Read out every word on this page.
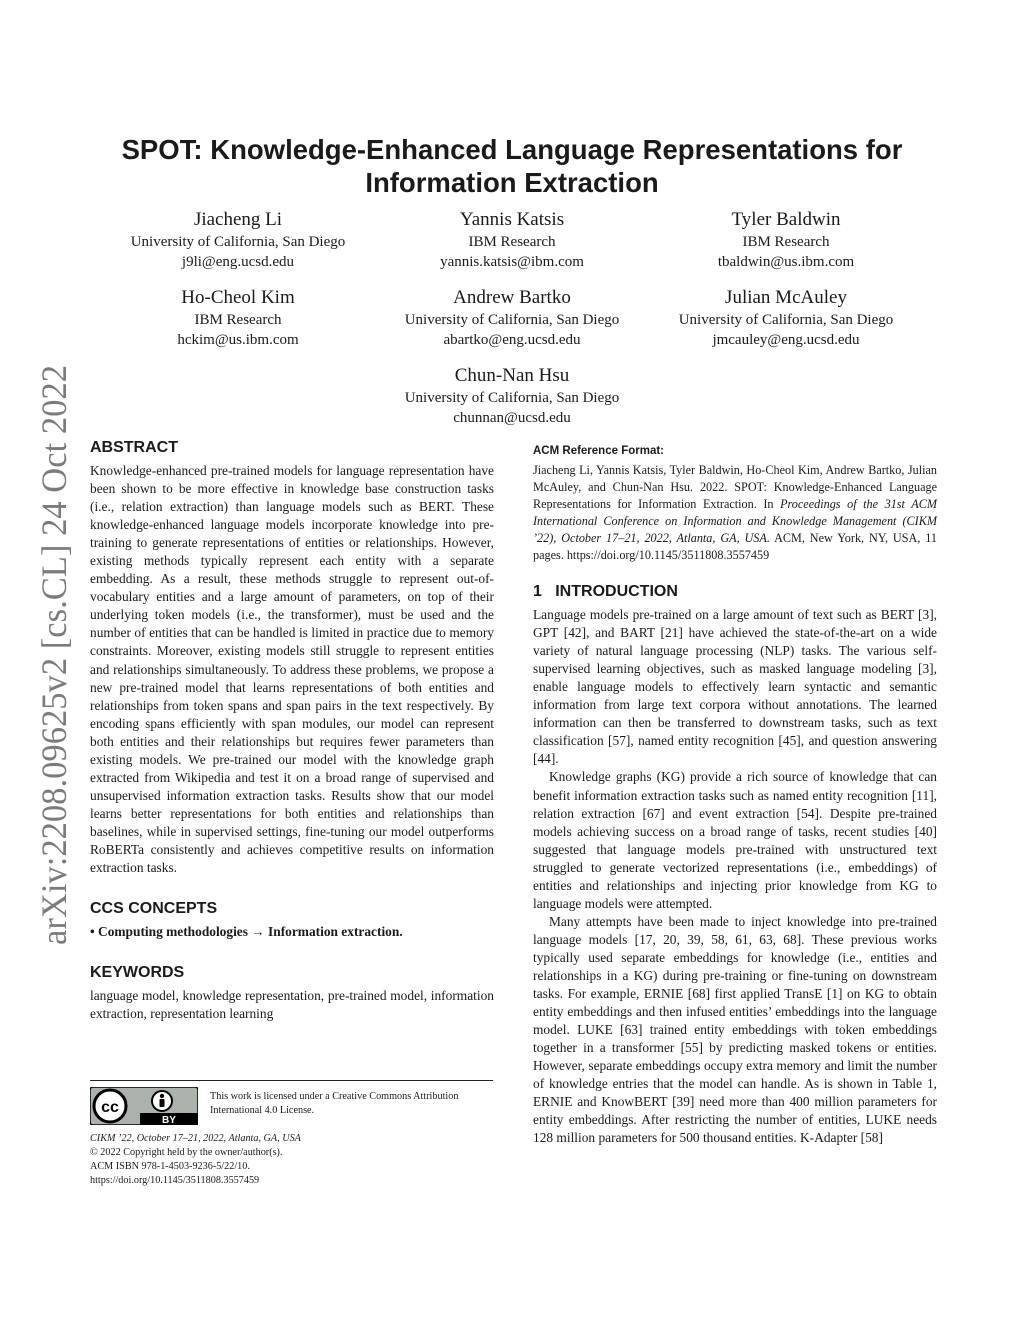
arXiv:2208.09625v2 [cs.CL] 24 Oct 2022
SPOT: Knowledge-Enhanced Language Representations for
Information Extraction
Jiacheng Li
University of California, San Diego
j9li@eng.ucsd.edu
Yannis Katsis
IBM Research
yannis.katsis@ibm.com
Tyler Baldwin
IBM Research
tbaldwin@us.ibm.com
Ho-Cheol Kim
IBM Research
hckim@us.ibm.com
Andrew Bartko
University of California, San Diego
abartko@eng.ucsd.edu
Julian McAuley
University of California, San Diego
jmcauley@eng.ucsd.edu
Chun-Nan Hsu
University of California, San Diego
chunnan@ucsd.edu
ABSTRACT

Knowledge-enhanced pre-trained models for language representation have been shown to be more effective in knowledge base construction tasks (i.e., relation extraction) than language models such as BERT. These knowledge-enhanced language models incorporate knowledge into pre-training to generate representations of entities or relationships. However, existing methods typically represent each entity with a separate embedding. As a result, these methods struggle to represent out-of-vocabulary entities and a large amount of parameters, on top of their underlying token models (i.e., the transformer), must be used and the number of entities that can be handled is limited in practice due to memory constraints. Moreover, existing models still struggle to represent entities and relationships simultaneously. To address these problems, we propose a new pre-trained model that learns representations of both entities and relationships from token spans and span pairs in the text respectively. By encoding spans efficiently with span modules, our model can represent both entities and their relationships but requires fewer parameters than existing models. We pre-trained our model with the knowledge graph extracted from Wikipedia and test it on a broad range of supervised and unsupervised information extraction tasks. Results show that our model learns better representations for both entities and relationships than baselines, while in supervised settings, fine-tuning our model outperforms RoBERTa consistently and achieves competitive results on information extraction tasks.

CCS CONCEPTS

• Computing methodologies → Information extraction.

KEYWORDS

language model, knowledge representation, pre-trained model, information extraction, representation learning

cc
BY
This work is licensed under a Creative Commons Attribution International 4.0 License.
CIKM ’22, October 17–21, 2022, Atlanta, GA, USA
© 2022 Copyright held by the owner/author(s).
ACM ISBN 978-1-4503-9236-5/22/10.
https://doi.org/10.1145/3511808.3557459
ACM Reference Format:

Jiacheng Li, Yannis Katsis, Tyler Baldwin, Ho-Cheol Kim, Andrew Bartko, Julian McAuley, and Chun-Nan Hsu. 2022. SPOT: Knowledge-Enhanced Language Representations for Information Extraction. In Proceedings of the 31st ACM International Conference on Information and Knowledge Management (CIKM ’22), October 17–21, 2022, Atlanta, GA, USA. ACM, New York, NY, USA, 11 pages. https://doi.org/10.1145/3511808.3557459

1   INTRODUCTION

Language models pre-trained on a large amount of text such as BERT [3], GPT [42], and BART [21] have achieved the state-of-the-art on a wide variety of natural language processing (NLP) tasks. The various self-supervised learning objectives, such as masked language modeling [3], enable language models to effectively learn syntactic and semantic information from large text corpora without annotations. The learned information can then be transferred to downstream tasks, such as text classification [57], named entity recognition [45], and question answering [44].

Knowledge graphs (KG) provide a rich source of knowledge that can benefit information extraction tasks such as named entity recognition [11], relation extraction [67] and event extraction [54]. Despite pre-trained models achieving success on a broad range of tasks, recent studies [40] suggested that language models pre-trained with unstructured text struggled to generate vectorized representations (i.e., embeddings) of entities and relationships and injecting prior knowledge from KG to language models were attempted.

Many attempts have been made to inject knowledge into pre-trained language models [17, 20, 39, 58, 61, 63, 68]. These previous works typically used separate embeddings for knowledge (i.e., entities and relationships in a KG) during pre-training or fine-tuning on downstream tasks. For example, ERNIE [68] first applied TransE [1] on KG to obtain entity embeddings and then infused entities’ embeddings into the language model. LUKE [63] trained entity embeddings with token embeddings together in a transformer [55] by predicting masked tokens or entities. However, separate embeddings occupy extra memory and limit the number of knowledge entries that the model can handle. As is shown in Table 1, ERNIE and KnowBERT [39] need more than 400 million parameters for entity embeddings. After restricting the number of entities, LUKE needs 128 million parameters for 500 thousand entities. K-Adapter [58]
